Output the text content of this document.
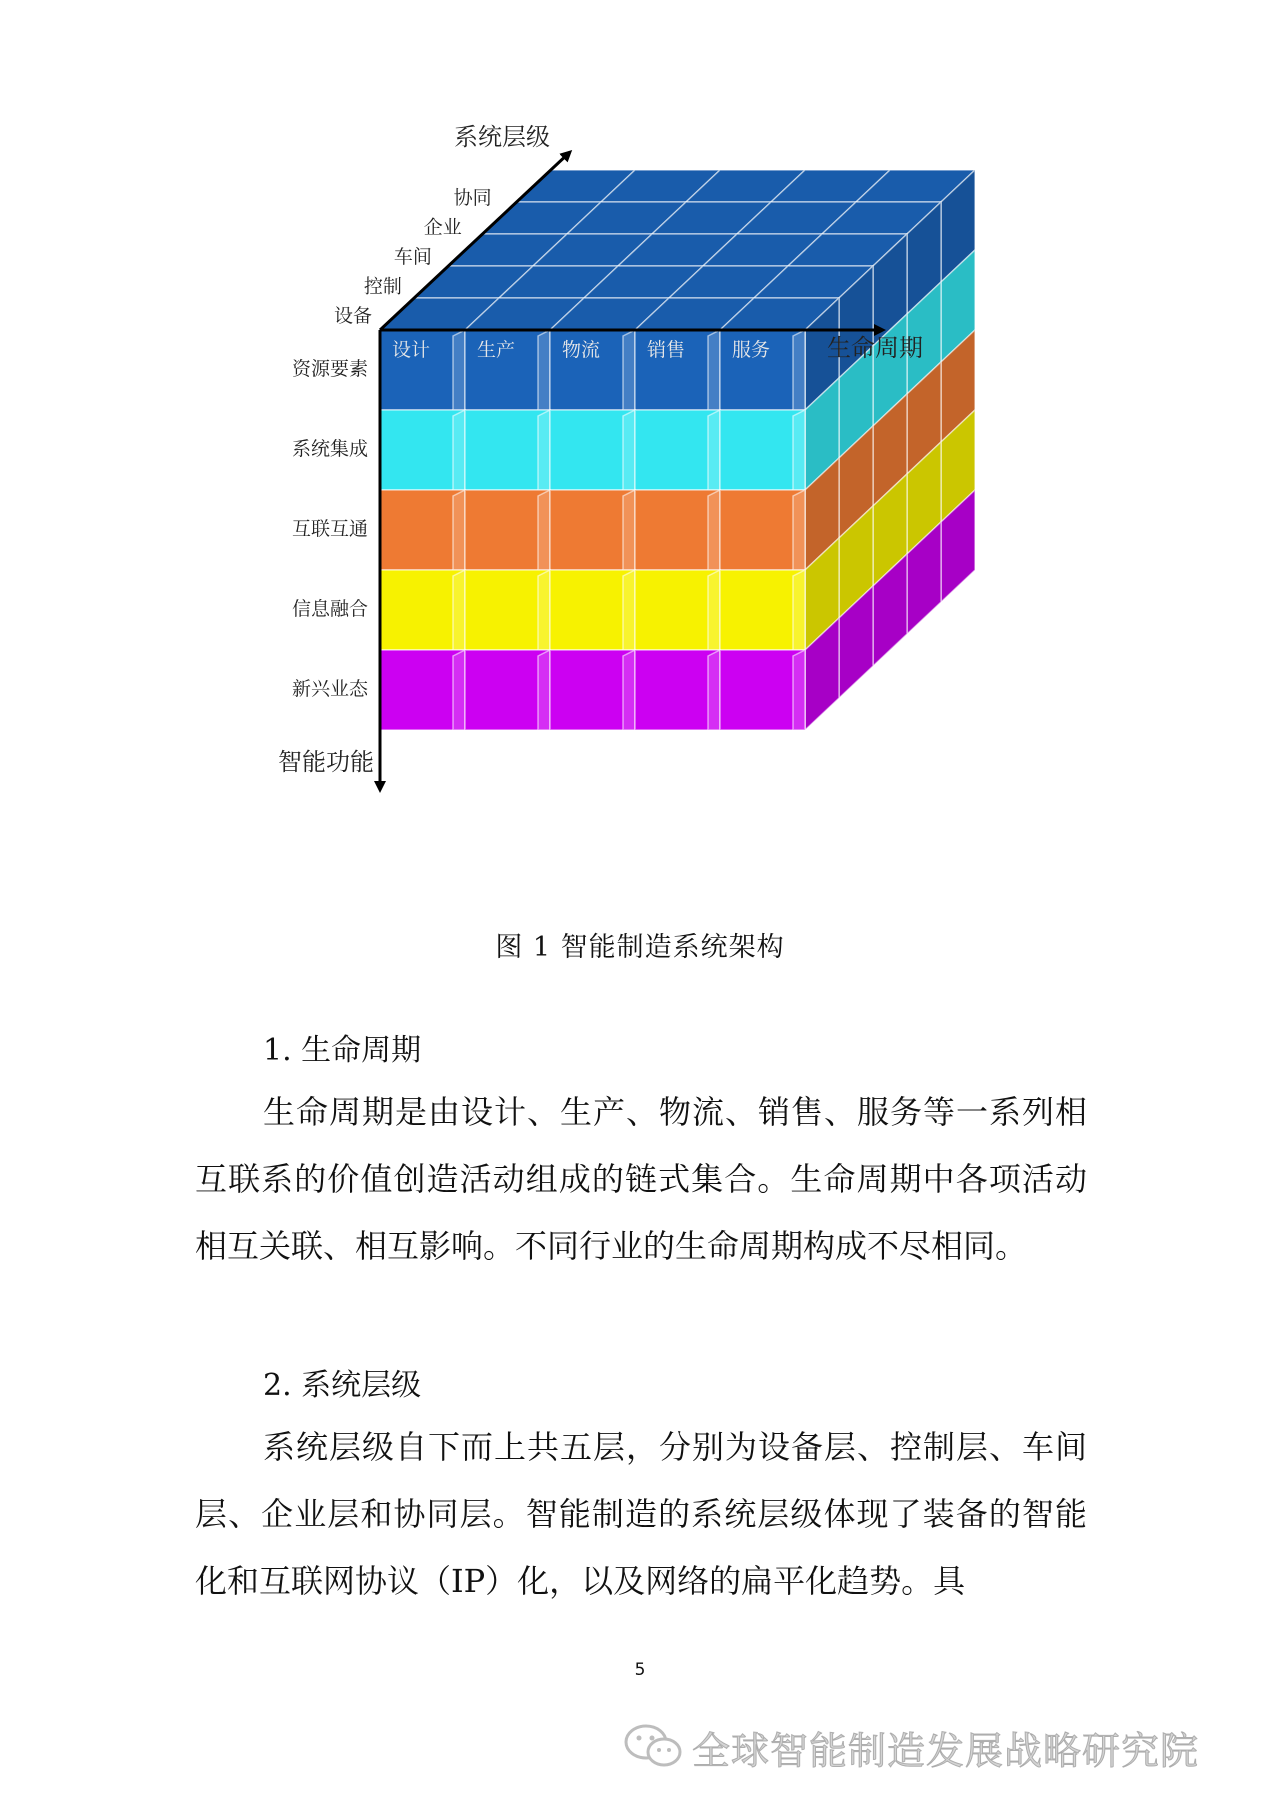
系统层级
生命周期
智能功能
设备
控制
车间
企业
协同
设计 生产 物流 销售 服务
资源要素
系统集成
互联互通
信息融合
新兴业态
图 1 智能制造系统架构
1. 生命周期

生命周期是由设计、生产、物流、销售、服务等一系列相互联系的价值创造活动组成的链式集合。生命周期中各项活动相互关联、相互影响。不同行业的生命周期构成不尽相同。

2. 系统层级

系统层级自下而上共五层，分别为设备层、控制层、车间层、企业层和协同层。智能制造的系统层级体现了装备的智能化和互联网协议（IP）化，以及网络的扁平化趋势。具

5
全球智能制造发展战略研究院
